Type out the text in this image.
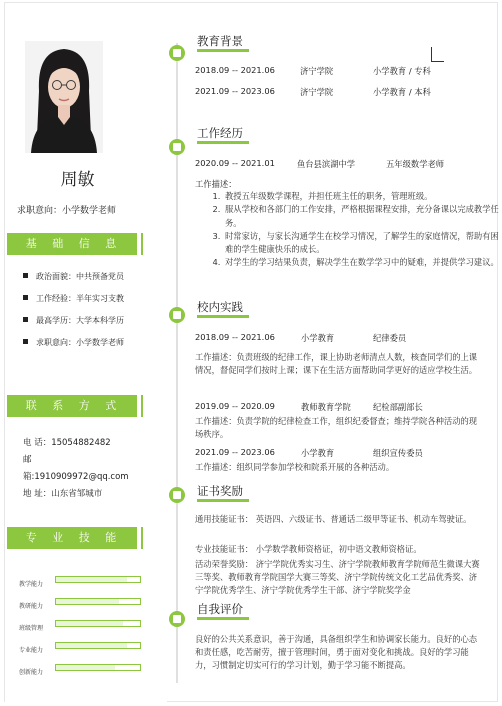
周敏
求职意向：小学数学老师
基 础 信 息
政治面貌：中共预备党员
工作经验：半年实习支教
最高学历：大学本科学历
求职意向：小学数学老师
联 系 方 式
电 话：15054882482
邮
箱:1910909972@qq.com
地 址：山东省邹城市
专 业 技 能
教学能力
教研能力
班级管理
专业能力
创新能力
教育背景
2018.09 -- 2021.06	济宁学院	小学教育 / 专科
2021.09 -- 2023.06	济宁学院	小学教育 / 本科
工作经历
2020.09 -- 2021.01	鱼台县滨湖中学	五年级数学老师
工作描述：
1. 教授五年级数学课程，并担任班主任的职务，管理班级。
2. 服从学校和各部门的工作安排，严格根据课程安排，充分备课以完成教学任务。
3. 时常家访，与家长沟通学生在校学习情况，了解学生的家庭情况，帮助有困难的学生健康快乐的成长。
4. 对学生的学习结果负责，解决学生在数学学习中的疑难，并提供学习建议。
校内实践
2018.09 -- 2021.06	小学教育	纪律委员
工作描述：负责班级的纪律工作，课上协助老师清点人数，核查同学们的上课情况，督促同学们按时上课；课下在生活方面帮助同学更好的适应学校生活。
2019.09 -- 2020.09	教师教育学院	纪检部副部长
工作描述：负责学院的纪律检查工作，组织纪委督查；维持学院各种活动的现场秩序。
2021.09 -- 2023.06	小学教育	组织宣传委员
工作描述：组织同学参加学校和院系开展的各种活动。
证书奖励
通用技能证书： 英语四、六级证书、普通话二级甲等证书、机动车驾驶证。
专业技能证书： 小学数学教师资格证，初中语文教师资格证。
活动荣誉奖励： 济宁学院优秀实习生、济宁学院教师教育学院师范生微课大赛三等奖、教师教育学院国学大赛三等奖、济宁学院传统文化工艺品优秀奖、济宁学院优秀学生、济宁学院优秀学生干部、济宁学院奖学金
自我评价
良好的公共关系意识，善于沟通，具备组织学生和协调家长能力。良好的心态和责任感，吃苦耐劳，擅于管理时间，勇于面对变化和挑战。良好的学习能力，习惯制定切实可行的学习计划，勤于学习能不断提高。
